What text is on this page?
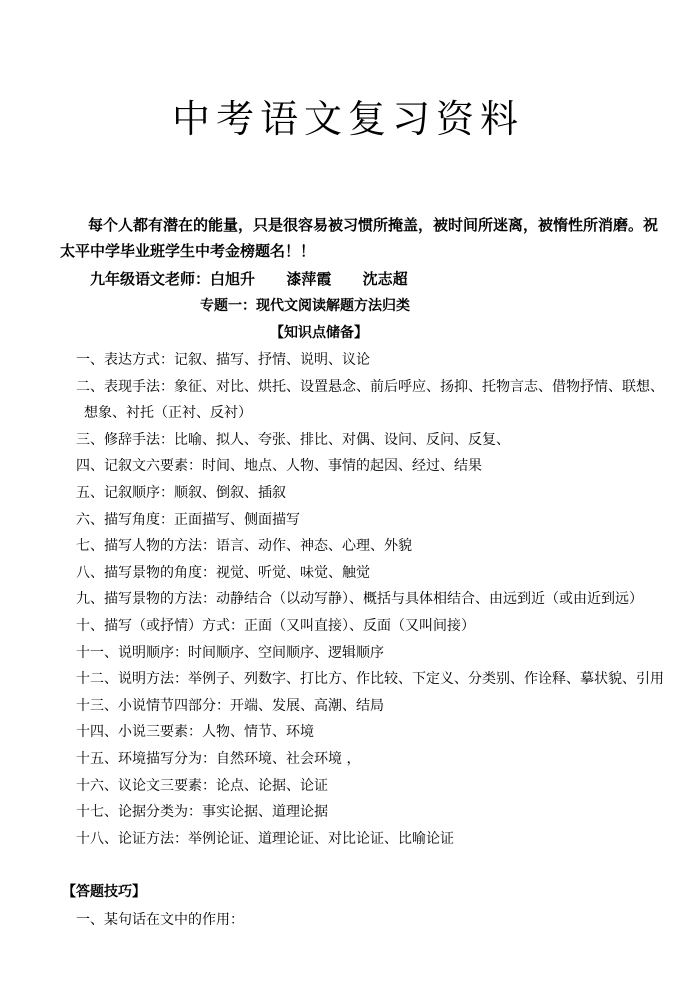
中考语文复习资料

每个人都有潜在的能量，只是很容易被习惯所掩盖，被时间所迷离，被惰性所消磨。祝太平中学毕业班学生中考金榜题名！！

九年级语文老师：白旭升      漆萍霞      沈志超
专题一：现代文阅读解题方法归类
【知识点储备】
一、表达方式：记叙、描写、抒情、说明、议论
二、表现手法：象征、对比、烘托、设置悬念、前后呼应、扬抑、托物言志、借物抒情、联想、想象、衬托（正衬、反衬）
三、修辞手法：比喻、拟人、夸张、排比、对偶、设问、反问、反复、
四、记叙文六要素：时间、地点、人物、事情的起因、经过、结果
五、记叙顺序：顺叙、倒叙、插叙
六、描写角度：正面描写、侧面描写
七、描写人物的方法：语言、动作、神态、心理、外貌
八、描写景物的角度：视觉、听觉、味觉、触觉
九、描写景物的方法：动静结合（以动写静）、概括与具体相结合、由远到近（或由近到远）
十、描写（或抒情）方式：正面（又叫直接）、反面（又叫间接）
十一、说明顺序：时间顺序、空间顺序、逻辑顺序
十二、说明方法：举例子、列数字、打比方、作比较、下定义、分类别、作诠释、摹状貌、引用
十三、小说情节四部分：开端、发展、高潮、结局
十四、小说三要素：人物、情节、环境
十五、环境描写分为：自然环境、社会环境 ，
十六、议论文三要素：论点、论据、论证
十七、论据分类为：事实论据、道理论据
十八、论证方法：举例论证、道理论证、对比论证、比喻论证
【答题技巧】
一、某句话在文中的作用：
